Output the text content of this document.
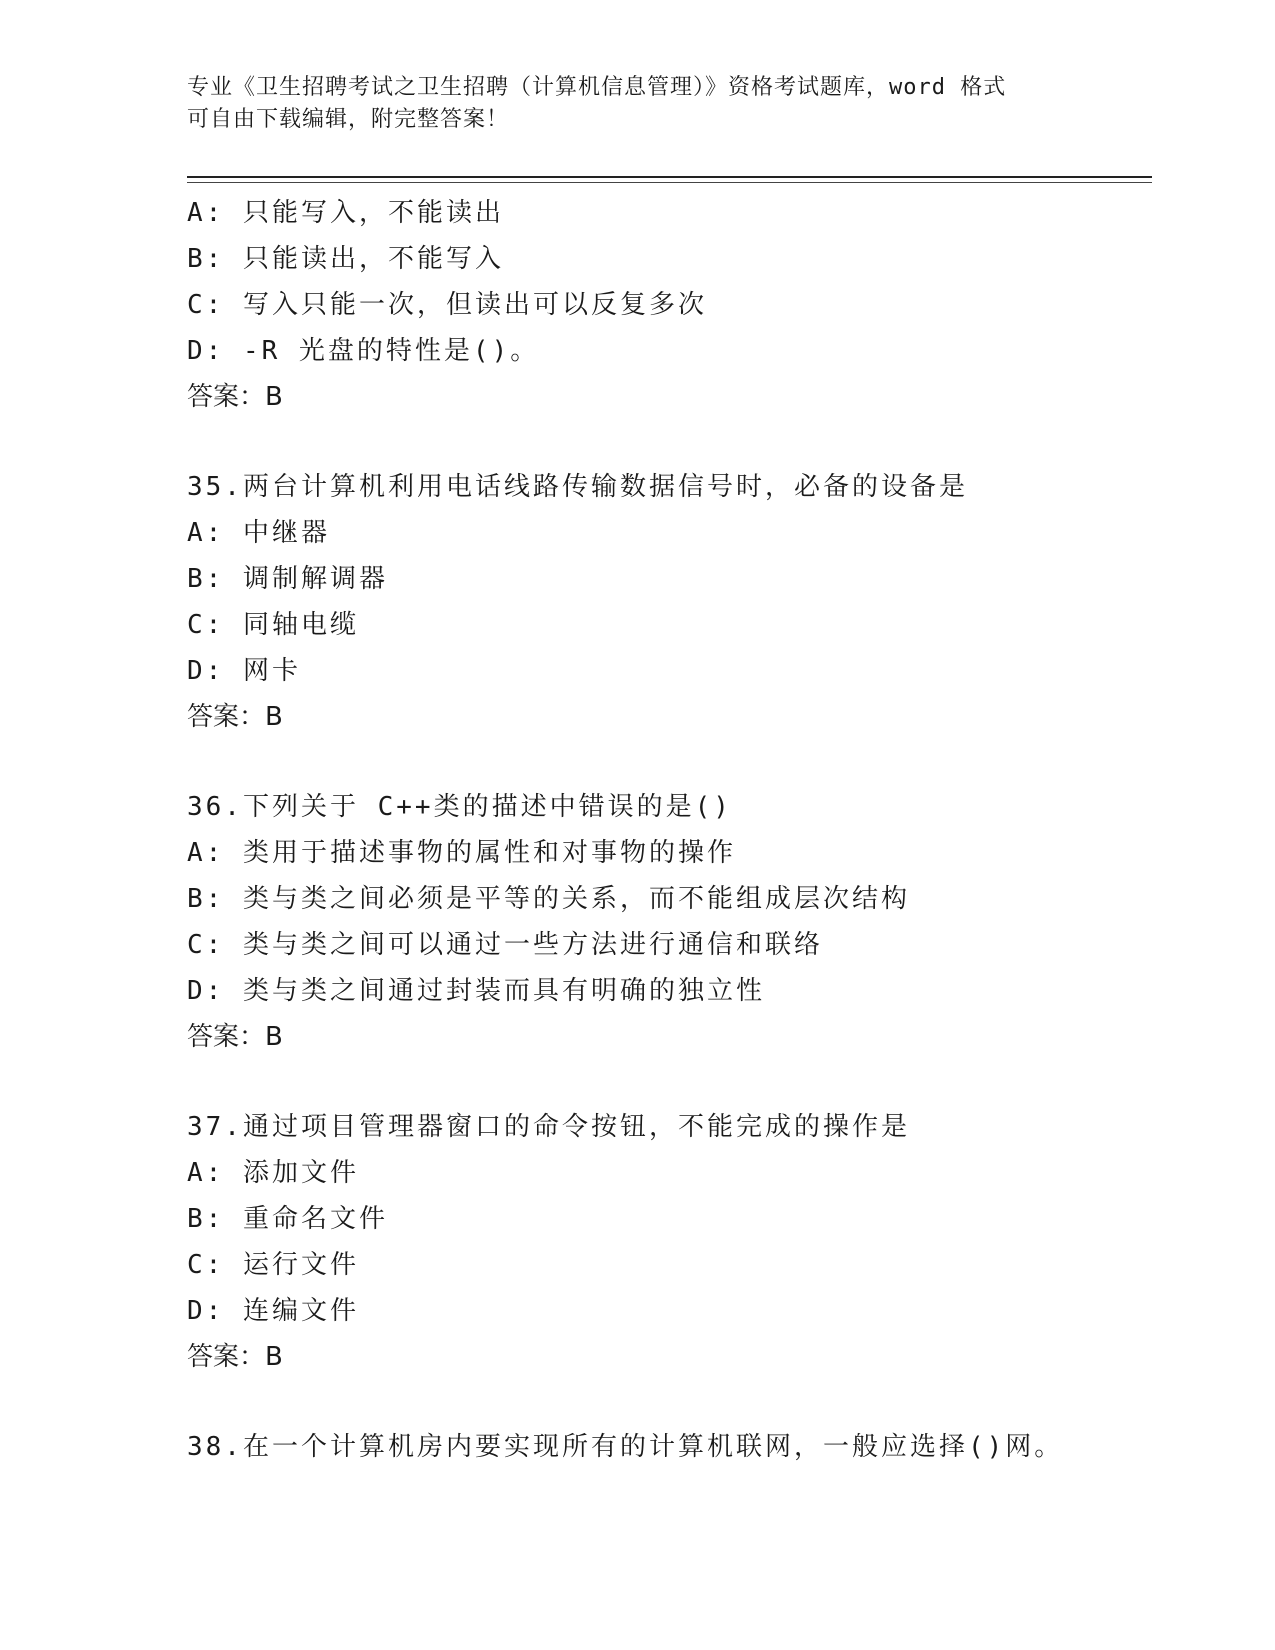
专业《卫生招聘考试之卫生招聘（计算机信息管理）》资格考试题库，word 格式
可自由下载编辑，附完整答案！
A: 只能写入，不能读出
B: 只能读出，不能写入
C: 写入只能一次，但读出可以反复多次
D: -R 光盘的特性是()。
答案：B
35.两台计算机利用电话线路传输数据信号时，必备的设备是
A: 中继器
B: 调制解调器
C: 同轴电缆
D: 网卡
答案：B
36.下列关于 C++类的描述中错误的是()
A: 类用于描述事物的属性和对事物的操作
B: 类与类之间必须是平等的关系，而不能组成层次结构
C: 类与类之间可以通过一些方法进行通信和联络
D: 类与类之间通过封装而具有明确的独立性
答案：B
37.通过项目管理器窗口的命令按钮，不能完成的操作是
A: 添加文件
B: 重命名文件
C: 运行文件
D: 连编文件
答案：B
38.在一个计算机房内要实现所有的计算机联网，一般应选择()网。
